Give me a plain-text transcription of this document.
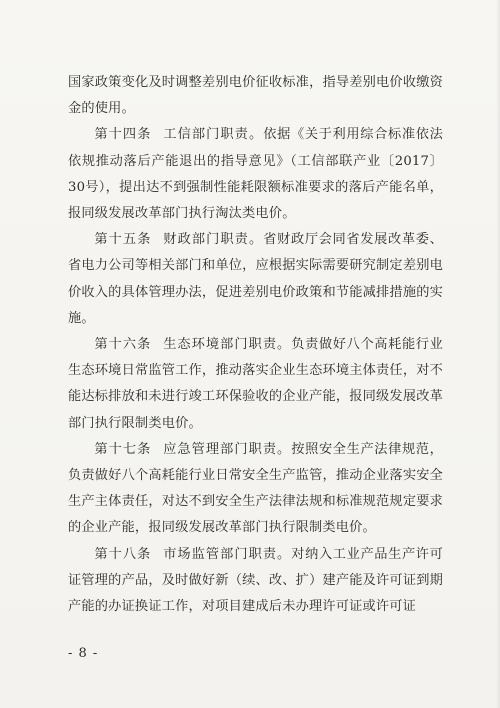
国家政策变化及时调整差别电价征收标准，指导差别电价收缴资金的使用。

第十四条 工信部门职责。依据《关于利用综合标准依法依规推动落后产能退出的指导意见》（工信部联产业〔2017〕30号），提出达不到强制性能耗限额标准要求的落后产能名单，报同级发展改革部门执行淘汰类电价。

第十五条 财政部门职责。省财政厅会同省发展改革委、省电力公司等相关部门和单位，应根据实际需要研究制定差别电价收入的具体管理办法，促进差别电价政策和节能减排措施的实施。

第十六条 生态环境部门职责。负责做好八个高耗能行业生态环境日常监管工作，推动落实企业生态环境主体责任，对不能达标排放和未进行竣工环保验收的企业产能，报同级发展改革部门执行限制类电价。

第十七条 应急管理部门职责。按照安全生产法律规范，负责做好八个高耗能行业日常安全生产监管，推动企业落实安全生产主体责任，对达不到安全生产法律法规和标准规范规定要求的企业产能，报同级发展改革部门执行限制类电价。

第十八条 市场监管部门职责。对纳入工业产品生产许可证管理的产品，及时做好新（续、改、扩）建产能及许可证到期产能的办证换证工作，对项目建成后未办理许可证或许可证

- 8 -
